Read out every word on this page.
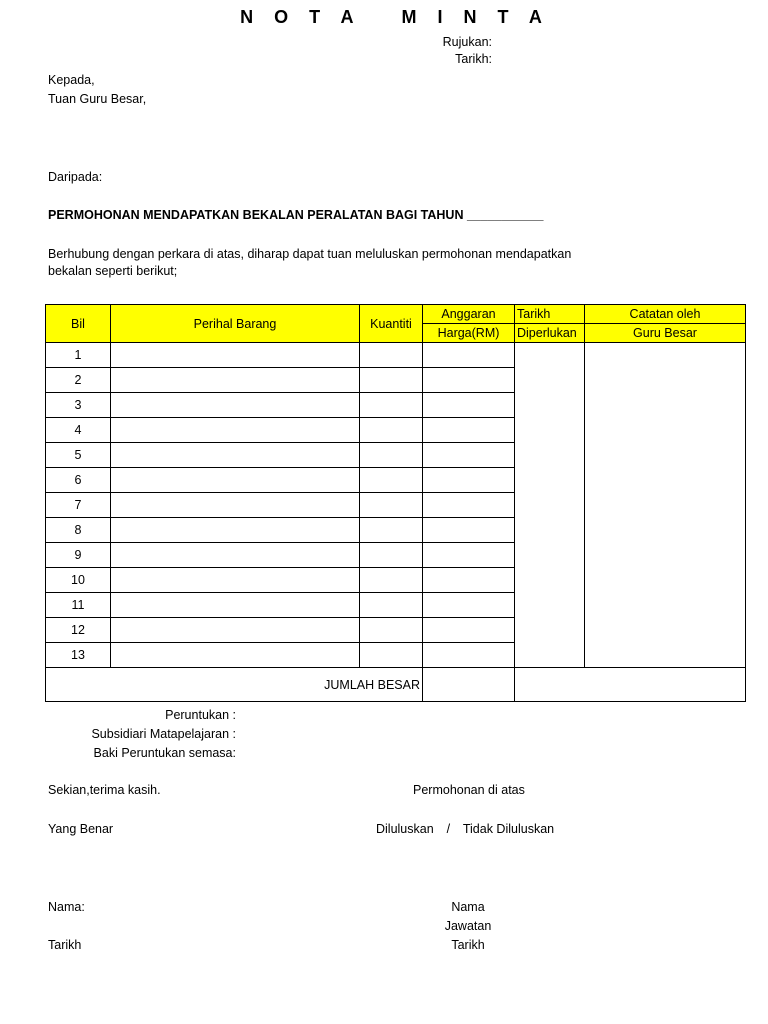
N O T A M I N T A
Rujukan:
Tarikh:
Kepada,
Tuan Guru Besar,
Daripada:
PERMOHONAN MENDAPATKAN BEKALAN PERALATAN BAGI TAHUN ___________
Berhubung dengan perkara di atas, diharap dapat tuan meluluskan permohonan mendapatkan
bekalan seperti berikut;
Bil	Perihal Barang	Kuantiti	Anggaran	Tarikh	Catatan oleh
			Harga(RM)	Diperlukan	Guru Besar
1					
2					
3					
4					
5					
6					
7					
8					
9					
10					
11					
12					
13					
JUMLAH BESAR					
Peruntukan :
Subsidiari Matapelajaran :
Baki Peruntukan semasa:
Sekian,terima kasih.	Permohonan di atas
Yang Benar	Diluluskan / Tidak Diluluskan
Nama:	Nama
Jawatan
Tarikh	Tarikh
